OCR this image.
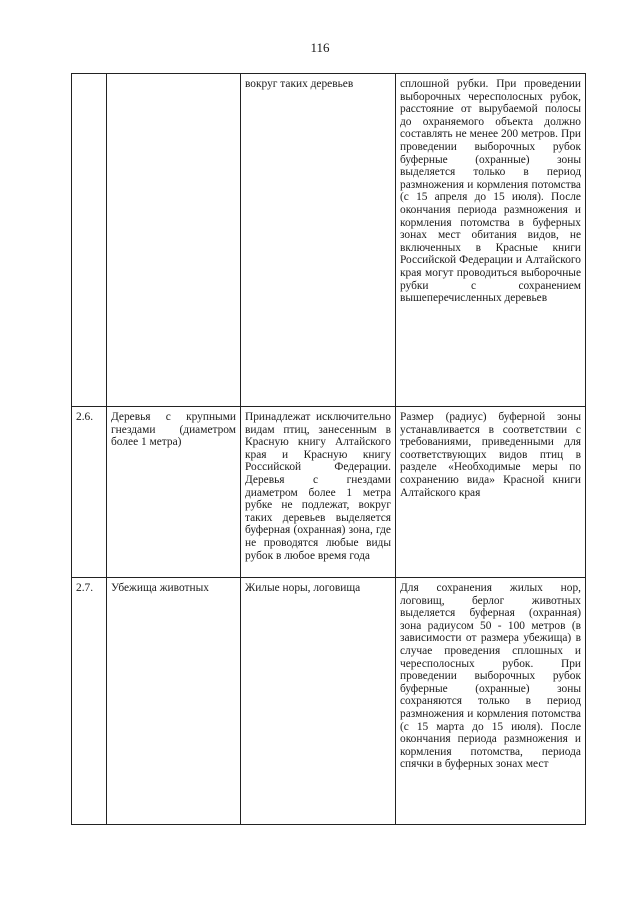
116
		вокруг таких деревьев	сплошной рубки. При проведении выборочных чересполосных рубок, расстояние от вырубаемой полосы до охраняемого объекта должно составлять не менее 200 метров. При проведении выборочных рубок буферные (охранные) зоны выделяется только в период размножения и кормления потомства (с 15 апреля до 15 июля). После окончания периода размножения и кормления потомства в буферных зонах мест обитания видов, не включенных в Красные книги Российской Федерации и Алтайского края могут проводиться выборочные рубки с сохранением вышеперечисленных деревьев
2.6.	Деревья с крупными гнездами (диаметром более 1 метра)	Принадлежат исключительно видам птиц, занесенным в Красную книгу Алтайского края и Красную книгу Российской Федерации. Деревья с гнездами диаметром более 1 метра рубке не подлежат, вокруг таких деревьев выделяется буферная (охранная) зона, где не проводятся любые виды рубок в любое время года	Размер (радиус) буферной зоны устанавливается в соответствии с требованиями, приведенными для соответствующих видов птиц в разделе «Необходимые меры по сохранению вида» Красной книги Алтайского края
2.7.	Убежища животных	Жилые норы, логовища	Для сохранения жилых нор, логовищ, берлог животных выделяется буферная (охранная) зона радиусом 50 - 100 метров (в зависимости от размера убежища) в случае проведения сплошных и чересполосных рубок. При проведении выборочных рубок буферные (охранные) зоны сохраняются только в период размножения и кормления потомства (с 15 марта до 15 июля). После окончания периода размножения и кормления потомства, периода спячки в буферных зонах мест
